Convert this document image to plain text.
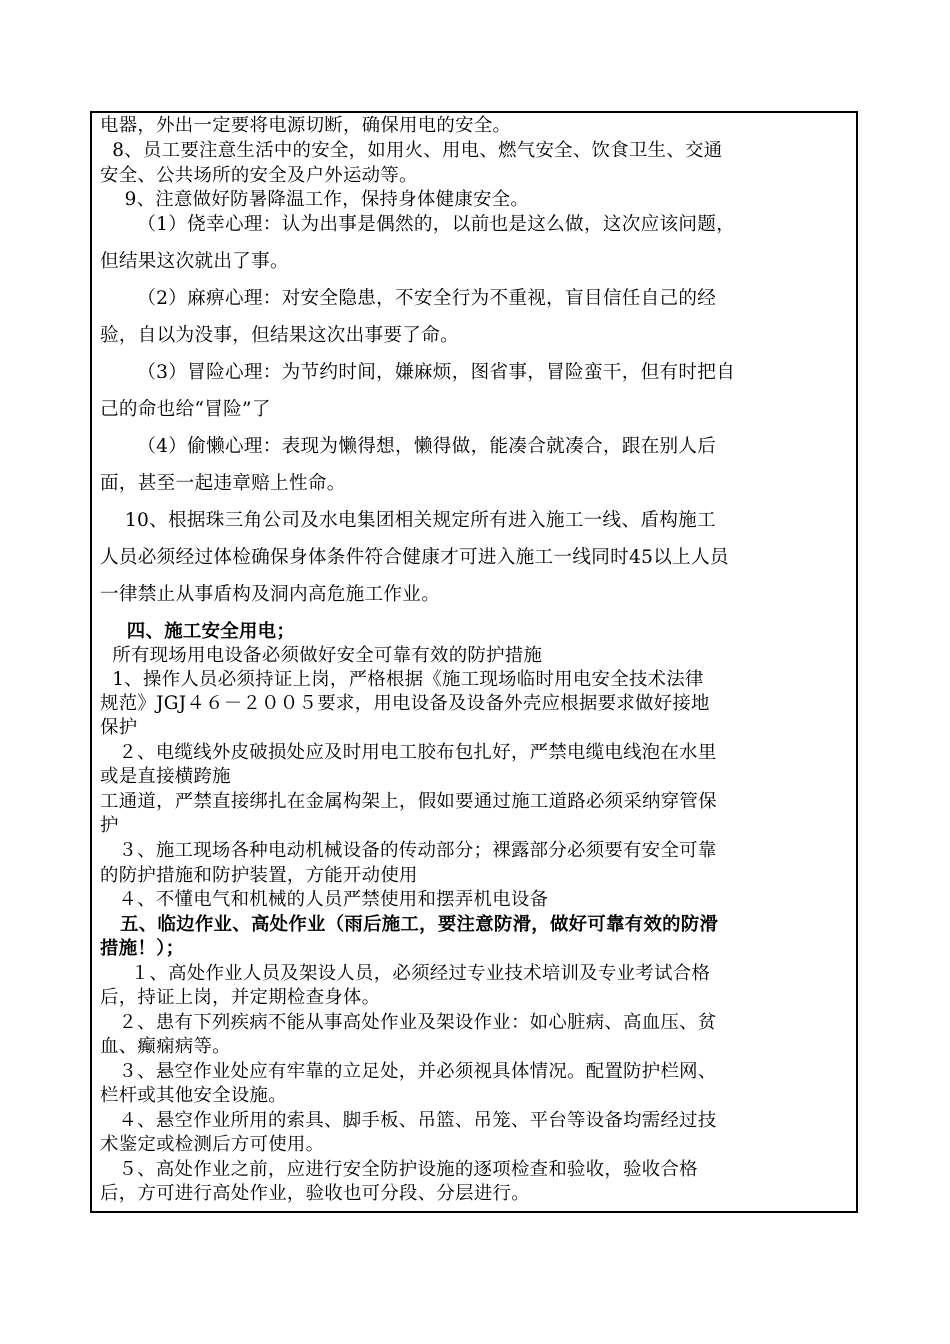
电器，外出一定要将电源切断，确保用电的安全。
8、员工要注意生活中的安全，如用火、用电、燃气安全、饮食卫生、交通
安全、公共场所的安全及户外运动等。
9、注意做好防暑降温工作，保持身体健康安全。
（1）侥幸心理：认为出事是偶然的，以前也是这么做，这次应该问题，
但结果这次就出了事。
（2）麻痹心理：对安全隐患，不安全行为不重视，盲目信任自己的经
验，自以为没事，但结果这次出事要了命。
（3）冒险心理：为节约时间，嫌麻烦，图省事，冒险蛮干，但有时把自
己的命也给“冒险”了
（4）偷懒心理：表现为懒得想，懒得做，能凑合就凑合，跟在别人后
面，甚至一起违章赔上性命。
10、根据珠三角公司及水电集团相关规定所有进入施工一线、盾构施工
人员必须经过体检确保身体条件符合健康才可进入施工一线同时45以上人员
一律禁止从事盾构及洞内高危施工作业。
四、施工安全用电；
所有现场用电设备必须做好安全可靠有效的防护措施
1、操作人员必须持证上岗，严格根据《施工现场临时用电安全技术法律
规范》JGJ４６－２００５要求，用电设备及设备外壳应根据要求做好接地
保护
２、电缆线外皮破损处应及时用电工胶布包扎好，严禁电缆电线泡在水里
或是直接横跨施
工通道，严禁直接绑扎在金属构架上，假如要通过施工道路必须采纳穿管保
护
３、施工现场各种电动机械设备的传动部分；裸露部分必须要有安全可靠
的防护措施和防护装置，方能开动使用
４、不懂电气和机械的人员严禁使用和摆弄机电设备
五、临边作业、高处作业（雨后施工，要注意防滑，做好可靠有效的防滑
措施！）；
１、高处作业人员及架设人员，必须经过专业技术培训及专业考试合格
后，持证上岗，并定期检查身体。
２、患有下列疾病不能从事高处作业及架设作业：如心脏病、高血压、贫
血、癫痫病等。
３、悬空作业处应有牢靠的立足处，并必须视具体情况。配置防护栏网、
栏杆或其他安全设施。
４、悬空作业所用的索具、脚手板、吊篮、吊笼、平台等设备均需经过技
术鉴定或检测后方可使用。
５、高处作业之前，应进行安全防护设施的逐项检查和验收，验收合格
后，方可进行高处作业，验收也可分段、分层进行。
